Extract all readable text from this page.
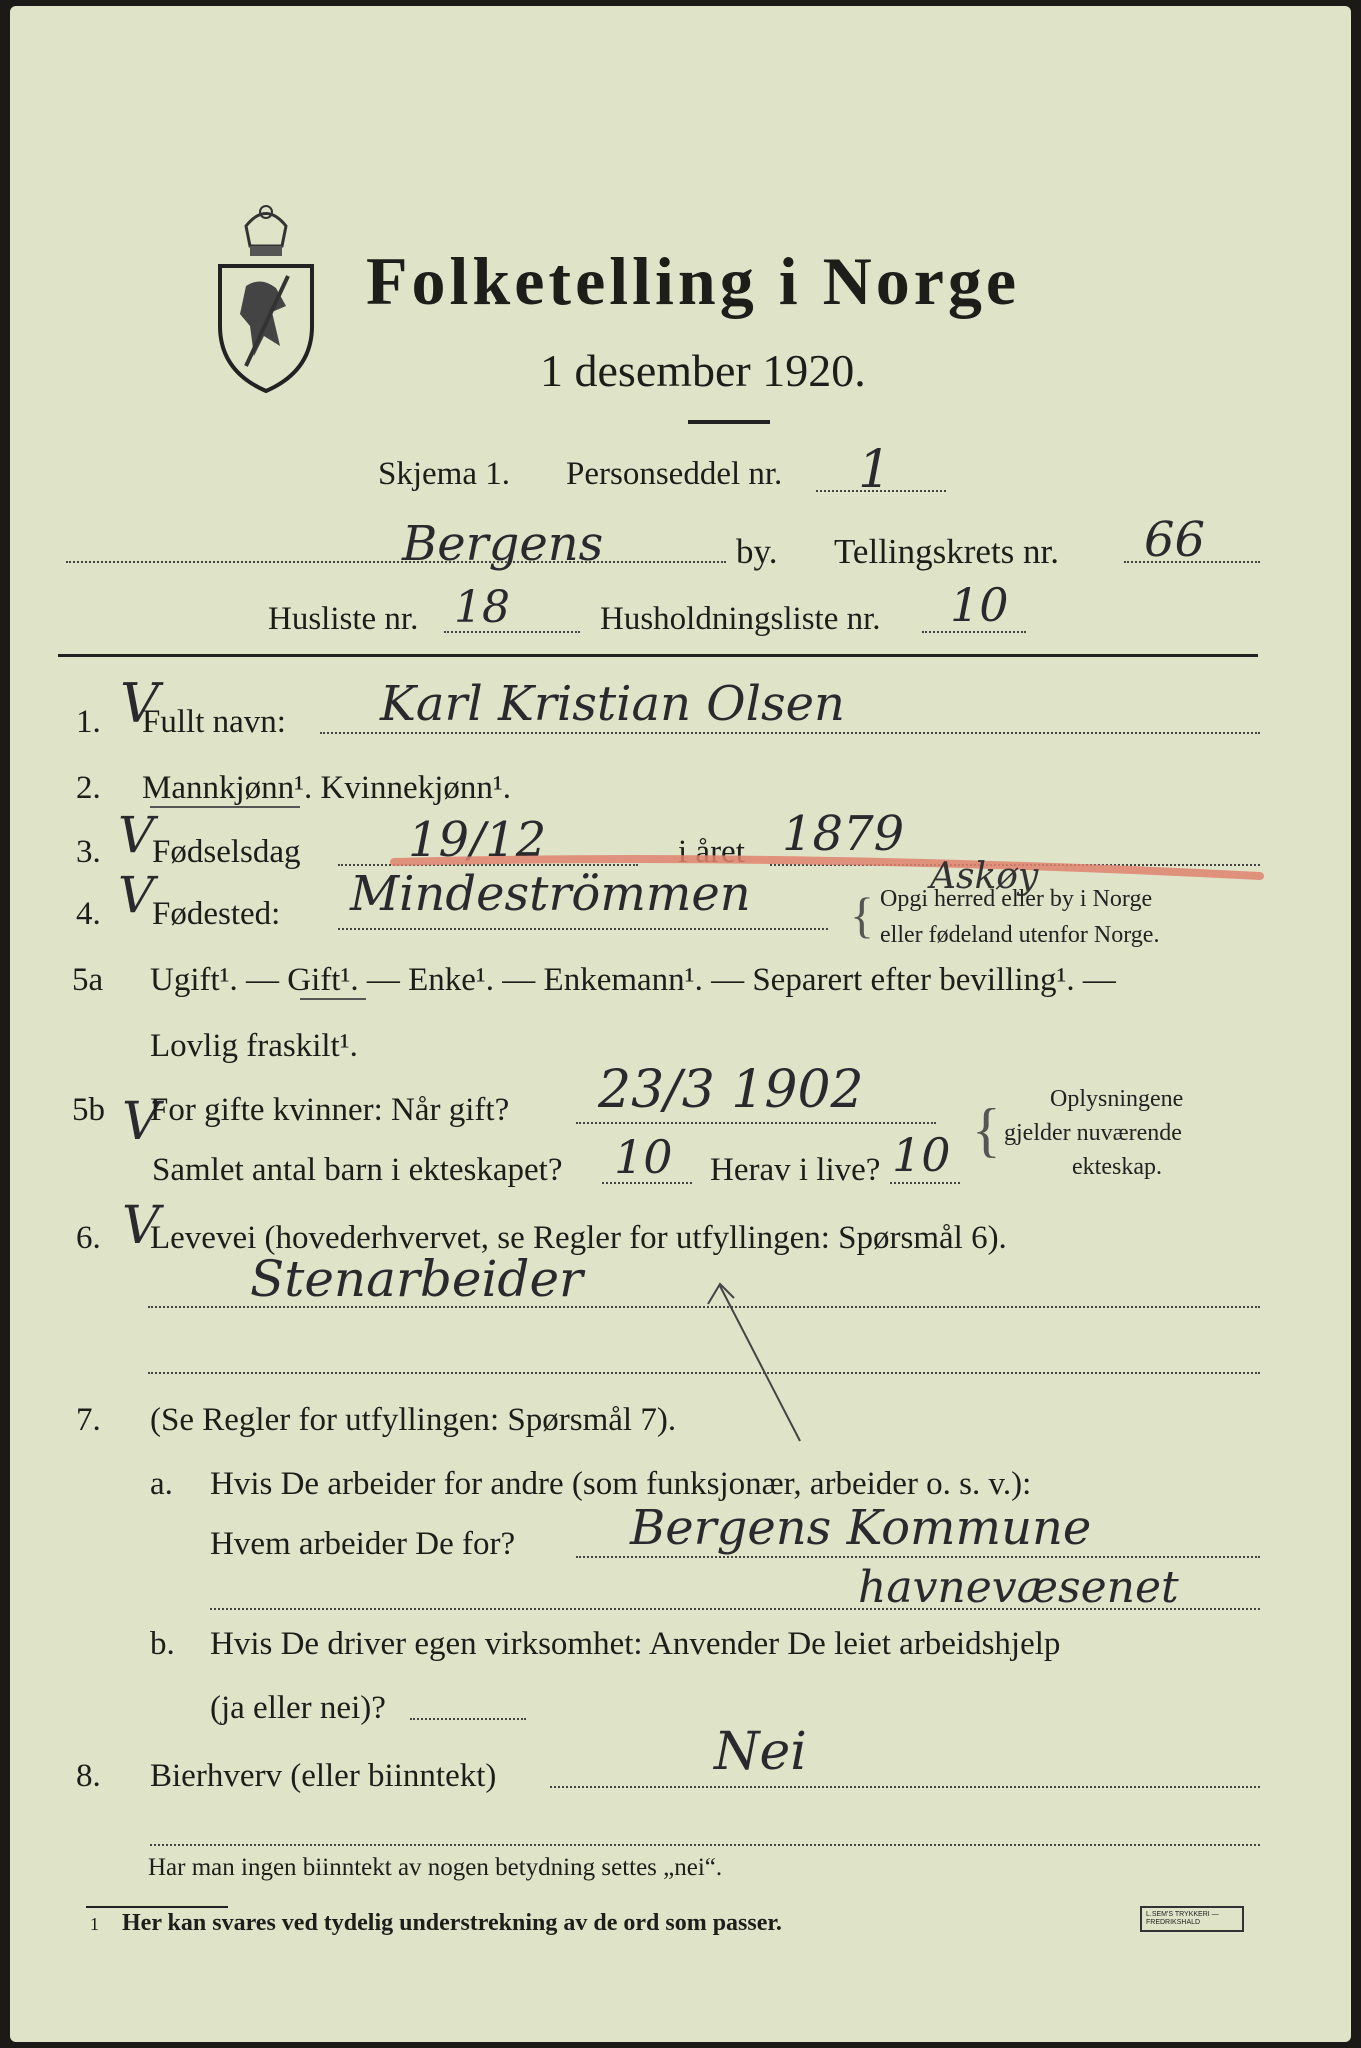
Folketelling i Norge
1 desember 1920.
Skjema 1. Personseddel nr. 1
Bergens	by. Tellingskrets nr. 66
Husliste nr. 18	Husholdningsliste nr. 10
1. V
Fullt navn: Karl Kristian Olsen
2. Mannkjønn¹. Kvinnekjønn¹.
3. V
Fødselsdag 19/12	i året 1879
4. V
Fødested: Mindeströmmen	Askøy
{ Opgi herred eller by i Norge
eller fødeland utenfor Norge.
5a Ugift¹. — Gift¹. — Enke¹. — Enkemann¹. — Separert efter bevilling¹. —
Lovlig fraskilt¹.
5b V
For gifte kvinner: Når gift? 23/3 1902
Samlet antal barn i ekteskapet? 10 Herav i live? 10 { Oplysningene
gjelder nuværende
ekteskap.
6. V
Levevei (hovederhvervet, se Regler for utfyllingen: Spørsmål 6).
Stenarbeider
7. (Se Regler for utfyllingen: Spørsmål 7).
a. Hvis De arbeider for andre (som funksjonær, arbeider o. s. v.):
Hvem arbeider De for? Bergens Kommune
havnevæsenet
b. Hvis De driver egen virksomhet: Anvender De leiet arbeidshjelp
(ja eller nei)?
8. Bierhverv (eller biinntekt)	Nei
Har man ingen biinntekt av nogen betydning settes „nei“.
1 Her kan svares ved tydelig understrekning av de ord som passer.	L.SEM'S TRYKKERI — FREDRIKSHALD
